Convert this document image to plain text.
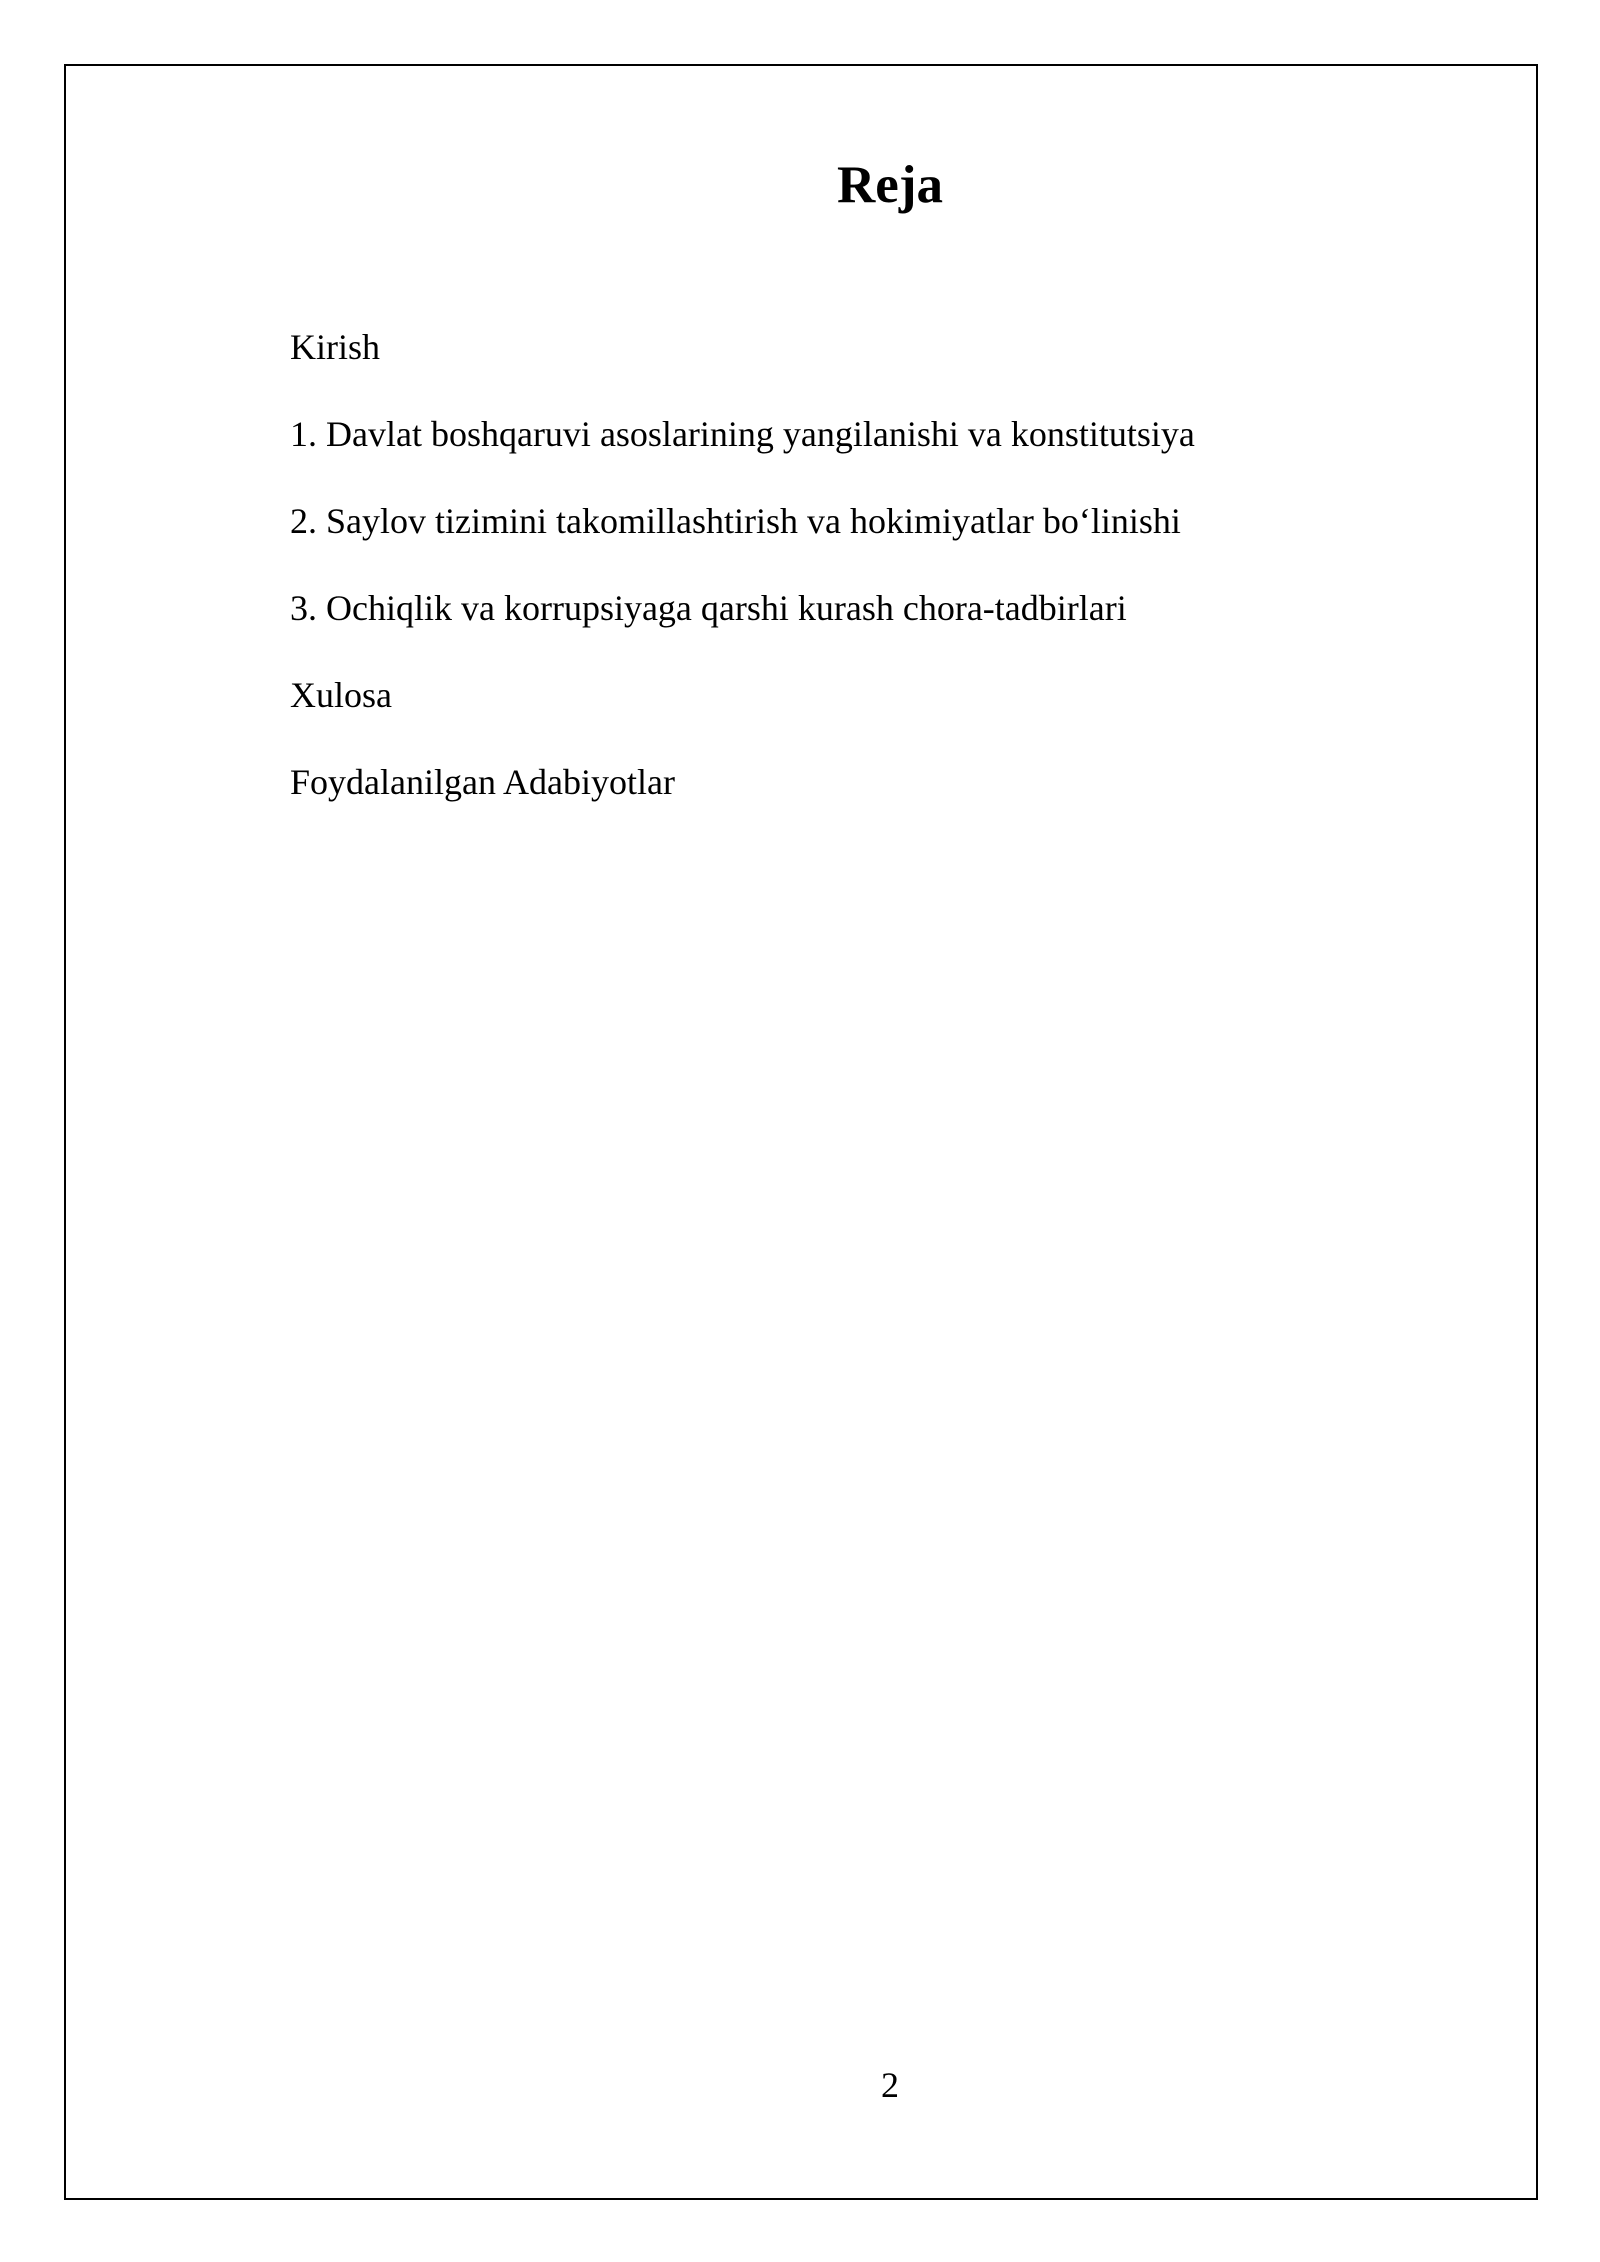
Reja
Kirish
1. Davlat boshqaruvi asoslarining yangilanishi va konstitutsiya
2. Saylov tizimini takomillashtirish va hokimiyatlar boʻlinishi
3. Ochiqlik va korrupsiyaga qarshi kurash chora-tadbirlari
Xulosa
Foydalanilgan Adabiyotlar
2
